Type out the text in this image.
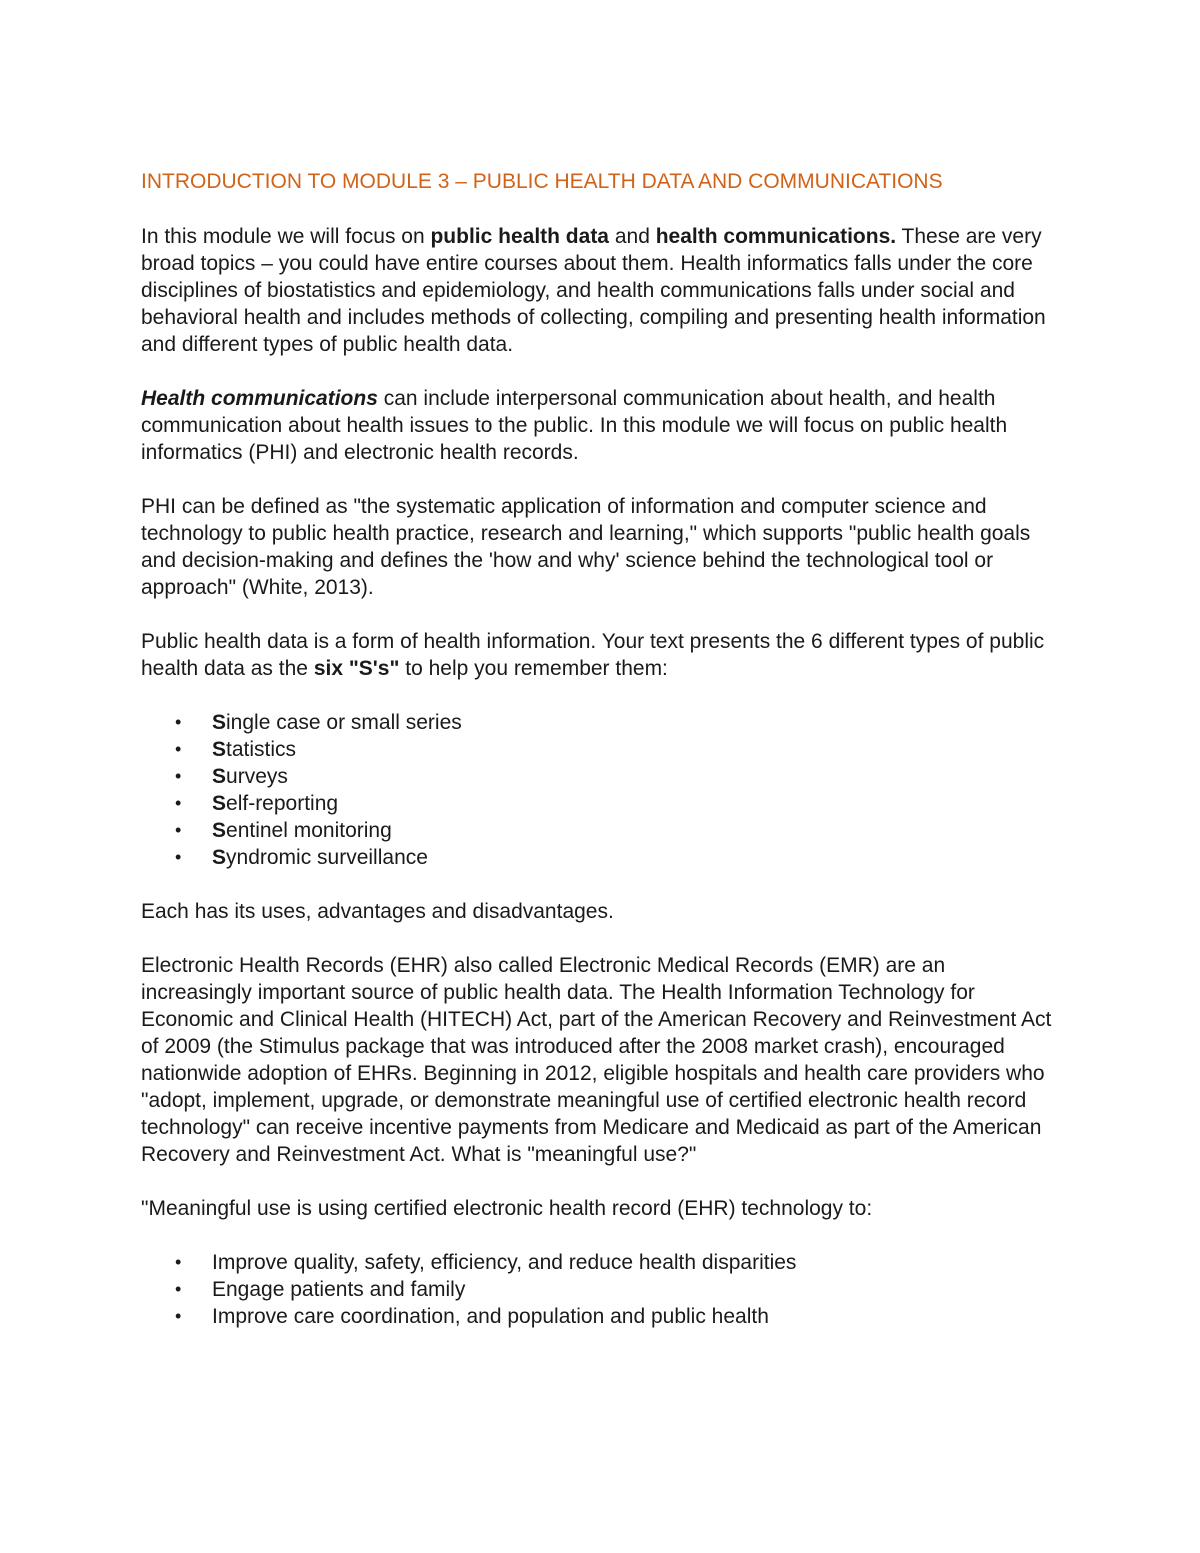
INTRODUCTION TO MODULE 3 – PUBLIC HEALTH DATA AND COMMUNICATIONS

In this module we will focus on public health data and health communications. These are very broad topics – you could have entire courses about them. Health informatics falls under the core disciplines of biostatistics and epidemiology, and health communications falls under social and behavioral health and includes methods of collecting, compiling and presenting health information and different types of public health data.

Health communications can include interpersonal communication about health, and health communication about health issues to the public. In this module we will focus on public health informatics (PHI) and electronic health records.

PHI can be defined as "the systematic application of information and computer science and technology to public health practice, research and learning," which supports "public health goals and decision-making and defines the 'how and why' science behind the technological tool or approach" (White, 2013).

Public health data is a form of health information. Your text presents the 6 different types of public health data as the six "S's" to help you remember them:

• Single case or small series
• Statistics
• Surveys
• Self-reporting
• Sentinel monitoring
• Syndromic surveillance

Each has its uses, advantages and disadvantages.

Electronic Health Records (EHR) also called Electronic Medical Records (EMR) are an increasingly important source of public health data. The Health Information Technology for Economic and Clinical Health (HITECH) Act, part of the American Recovery and Reinvestment Act of 2009 (the Stimulus package that was introduced after the 2008 market crash), encouraged nationwide adoption of EHRs. Beginning in 2012, eligible hospitals and health care providers who "adopt, implement, upgrade, or demonstrate meaningful use of certified electronic health record technology" can receive incentive payments from Medicare and Medicaid as part of the American Recovery and Reinvestment Act. What is "meaningful use?"

"Meaningful use is using certified electronic health record (EHR) technology to:

• Improve quality, safety, efficiency, and reduce health disparities
• Engage patients and family
• Improve care coordination, and population and public health
